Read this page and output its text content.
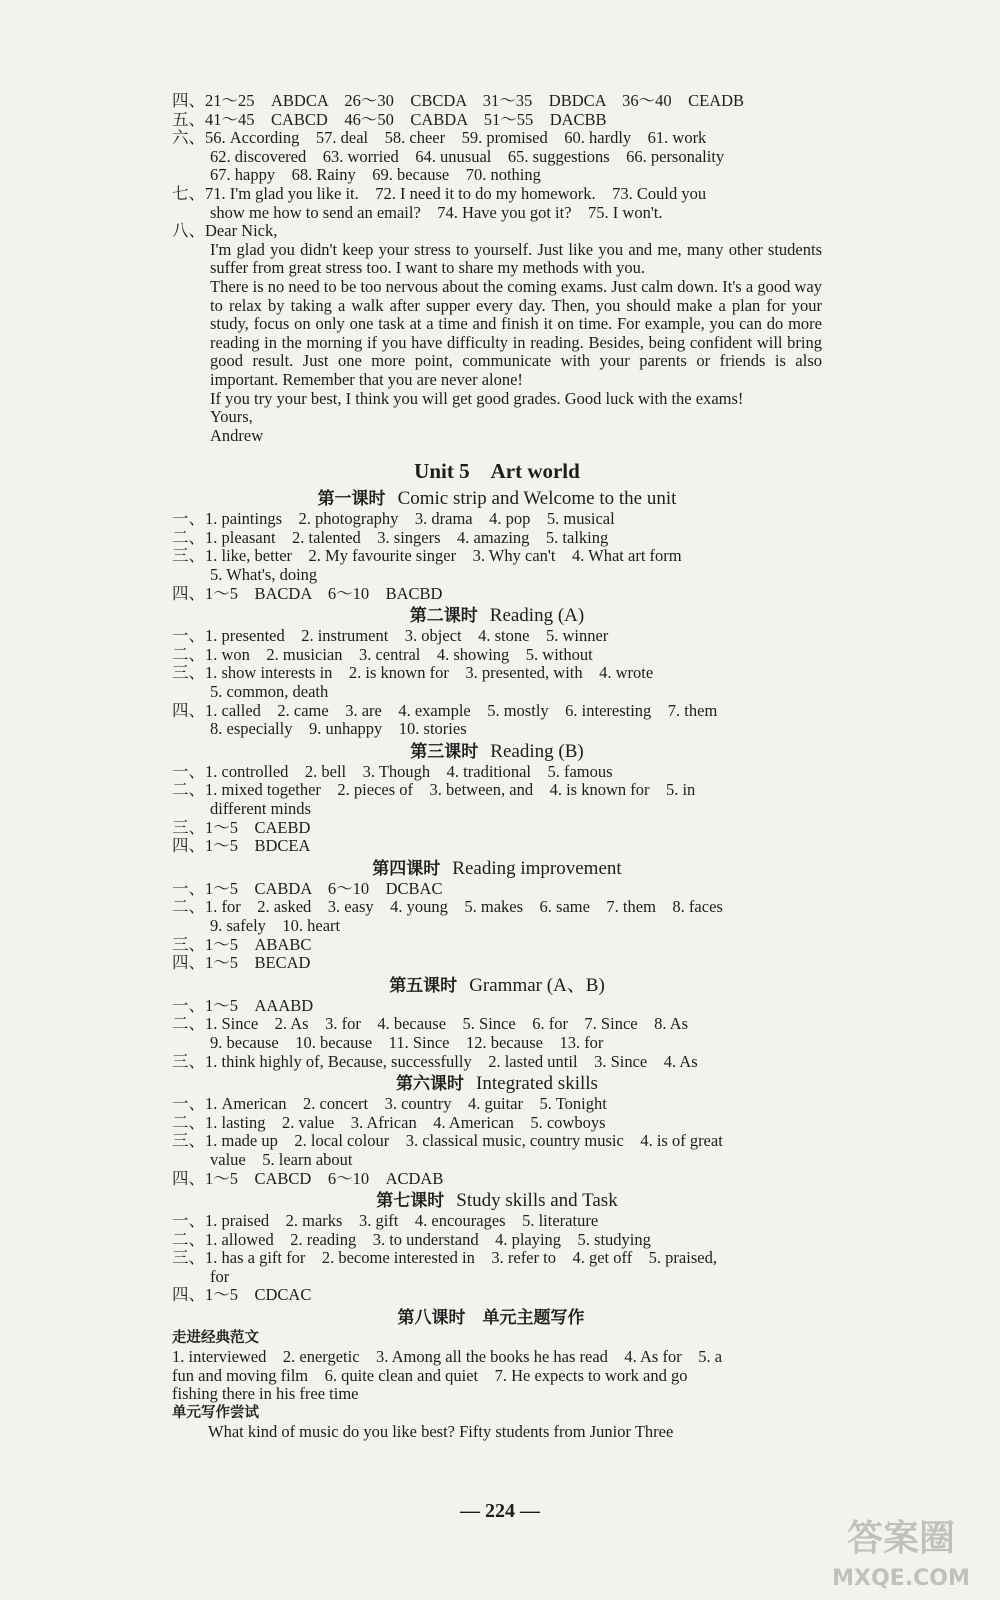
四、21～25　ABDCA　26～30　CBCDA　31～35　DBDCA　36～40　CEADB
五、41～45　CABCD　46～50　CABDA　51～55　DACBB
六、56. According　57. deal　58. cheer　59. promised　60. hardly　61. work
62. discovered　63. worried　64. unusual　65. suggestions　66. personality
67. happy　68. Rainy　69. because　70. nothing
七、71. I'm glad you like it.　72. I need it to do my homework.　73. Could you
show me how to send an email?　74. Have you got it?　75. I won't.
八、Dear Nick,
I'm glad you didn't keep your stress to yourself. Just like you and me, many other students suffer from great stress too. I want to share my methods with you.
There is no need to be too nervous about the coming exams. Just calm down. It's a good way to relax by taking a walk after supper every day. Then, you should make a plan for your study, focus on only one task at a time and finish it on time. For example, you can do more reading in the morning if you have difficulty in reading. Besides, being confident will bring good result. Just one more point, communicate with your parents or friends is also important. Remember that you are never alone!
If you try your best, I think you will get good grades. Good luck with the exams!
Yours,
Andrew
Unit 5　Art world
第一课时 Comic strip and Welcome to the unit
一、1. paintings　2. photography　3. drama　4. pop　5. musical
二、1. pleasant　2. talented　3. singers　4. amazing　5. talking
三、1. like, better　2. My favourite singer　3. Why can't　4. What art form
5. What's, doing
四、1～5　BACDA　6～10　BACBD
第二课时 Reading (A)
一、1. presented　2. instrument　3. object　4. stone　5. winner
二、1. won　2. musician　3. central　4. showing　5. without
三、1. show interests in　2. is known for　3. presented, with　4. wrote
5. common, death
四、1. called　2. came　3. are　4. example　5. mostly　6. interesting　7. them
8. especially　9. unhappy　10. stories
第三课时 Reading (B)
一、1. controlled　2. bell　3. Though　4. traditional　5. famous
二、1. mixed together　2. pieces of　3. between, and　4. is known for　5. in
different minds
三、1～5　CAEBD
四、1～5　BDCEA
第四课时 Reading improvement
一、1～5　CABDA　6～10　DCBAC
二、1. for　2. asked　3. easy　4. young　5. makes　6. same　7. them　8. faces
9. safely　10. heart
三、1～5　ABABC
四、1～5　BECAD
第五课时 Grammar (A、B)
一、1～5　AAABD
二、1. Since　2. As　3. for　4. because　5. Since　6. for　7. Since　8. As
9. because　10. because　11. Since　12. because　13. for
三、1. think highly of, Because, successfully　2. lasted until　3. Since　4. As
第六课时 Integrated skills
一、1. American　2. concert　3. country　4. guitar　5. Tonight
二、1. lasting　2. value　3. African　4. American　5. cowboys
三、1. made up　2. local colour　3. classical music, country music　4. is of great
value　5. learn about
四、1～5　CABCD　6～10　ACDAB
第七课时 Study skills and Task
一、1. praised　2. marks　3. gift　4. encourages　5. literature
二、1. allowed　2. reading　3. to understand　4. playing　5. studying
三、1. has a gift for　2. become interested in　3. refer to　4. get off　5. praised,
for
四、1～5　CDCAC
第八课时　单元主题写作
走进经典范文
1. interviewed　2. energetic　3. Among all the books he has read　4. As for　5. a
fun and moving film　6. quite clean and quiet　7. He expects to work and go
fishing there in his free time
单元写作尝试
What kind of music do you like best? Fifty students from Junior Three
— 224 —
答案圈
MXQE.COM
